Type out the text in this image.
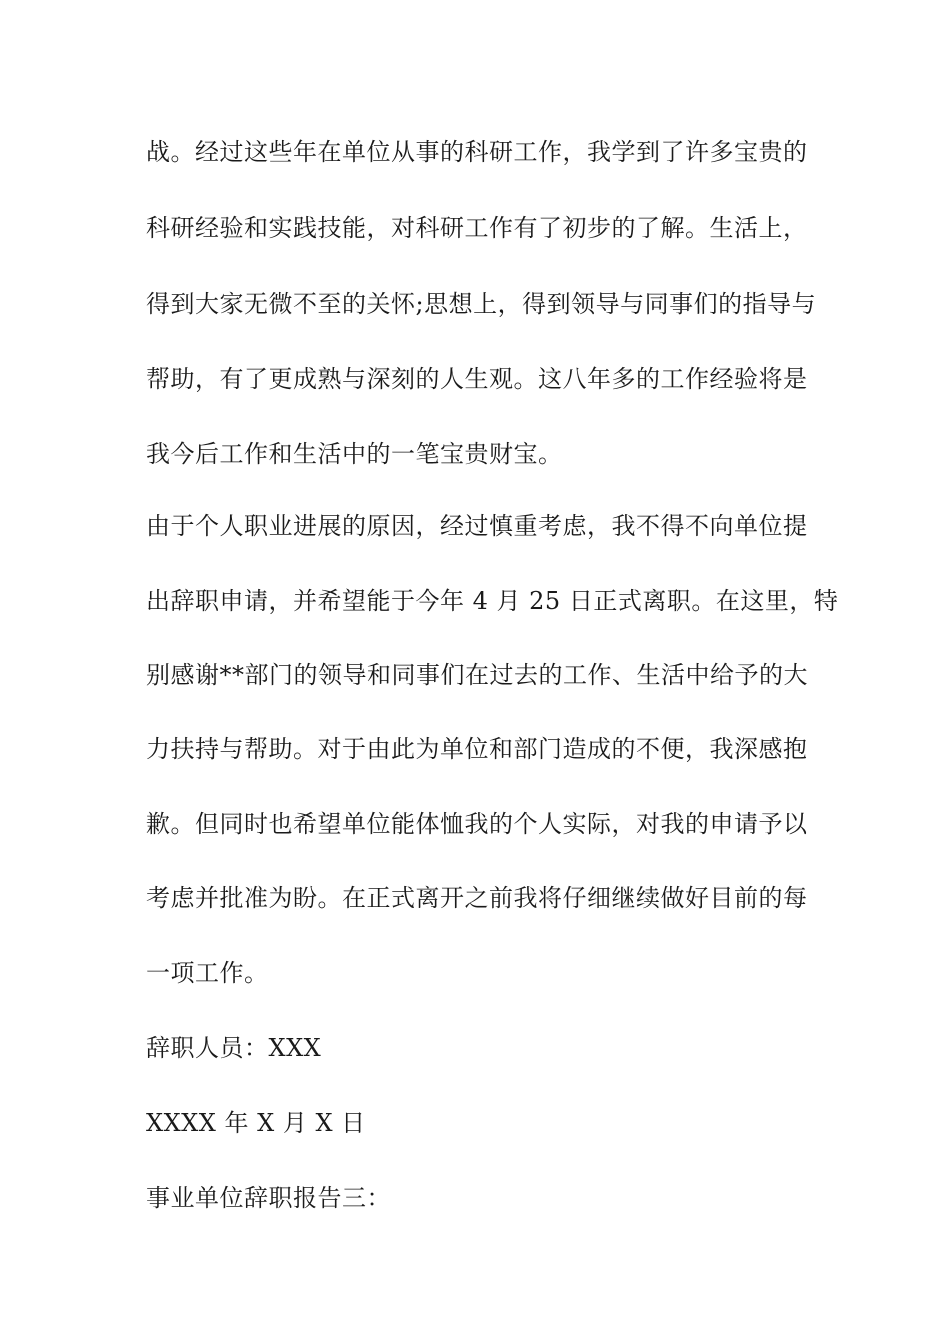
战。经过这些年在单位从事的科研工作，我学到了许多宝贵的
科研经验和实践技能，对科研工作有了初步的了解。生活上，
得到大家无微不至的关怀;思想上，得到领导与同事们的指导与
帮助，有了更成熟与深刻的人生观。这八年多的工作经验将是
我今后工作和生活中的一笔宝贵财宝。
由于个人职业进展的原因，经过慎重考虑，我不得不向单位提
出辞职申请，并希望能于今年 4 月 25 日正式离职。在这里，特
别感谢**部门的领导和同事们在过去的工作、生活中给予的大
力扶持与帮助。对于由此为单位和部门造成的不便，我深感抱
歉。但同时也希望单位能体恤我的个人实际，对我的申请予以
考虑并批准为盼。在正式离开之前我将仔细继续做好目前的每
一项工作。
辞职人员：XXX
XXXX 年 X 月 X 日
事业单位辞职报告三：
